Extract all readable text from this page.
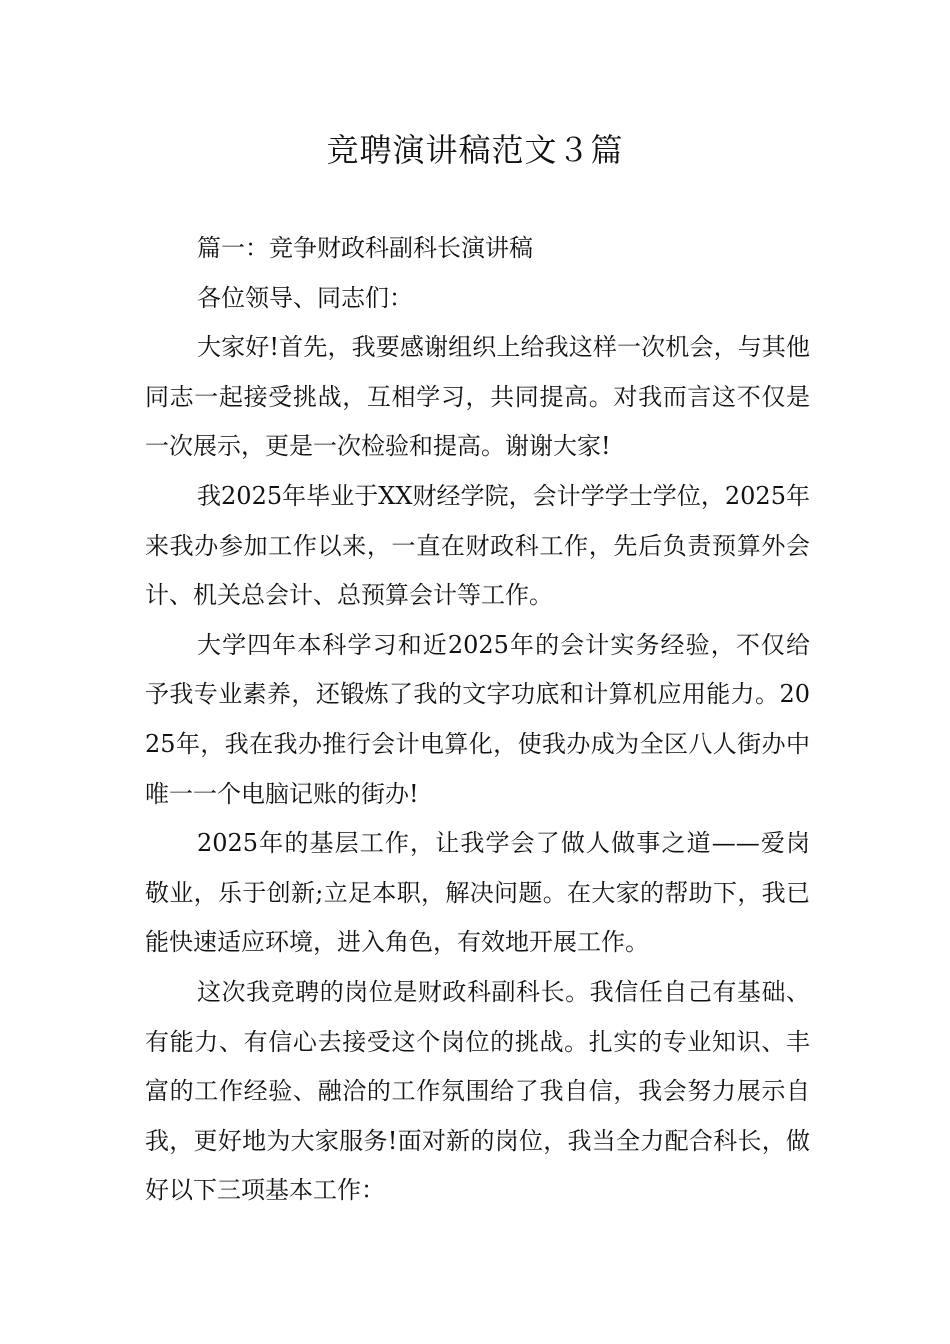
竞聘演讲稿范文３篇

篇一：竞争财政科副科长演讲稿

各位领导、同志们：

大家好!首先，我要感谢组织上给我这样一次机会，与其他同志一起接受挑战，互相学习，共同提高。对我而言这不仅是一次展示，更是一次检验和提高。谢谢大家!

我2025年毕业于XX财经学院，会计学学士学位，2025年来我办参加工作以来，一直在财政科工作，先后负责预算外会计、机关总会计、总预算会计等工作。

大学四年本科学习和近2025年的会计实务经验，不仅给予我专业素养，还锻炼了我的文字功底和计算机应用能力。2025年，我在我办推行会计电算化，使我办成为全区八人街办中唯一一个电脑记账的街办!

2025年的基层工作，让我学会了做人做事之道——爱岗敬业，乐于创新;立足本职，解决问题。在大家的帮助下，我已能快速适应环境，进入角色，有效地开展工作。

这次我竞聘的岗位是财政科副科长。我信任自己有基础、有能力、有信心去接受这个岗位的挑战。扎实的专业知识、丰富的工作经验、融洽的工作氛围给了我自信，我会努力展示自我，更好地为大家服务!面对新的岗位，我当全力配合科长，做好以下三项基本工作：
